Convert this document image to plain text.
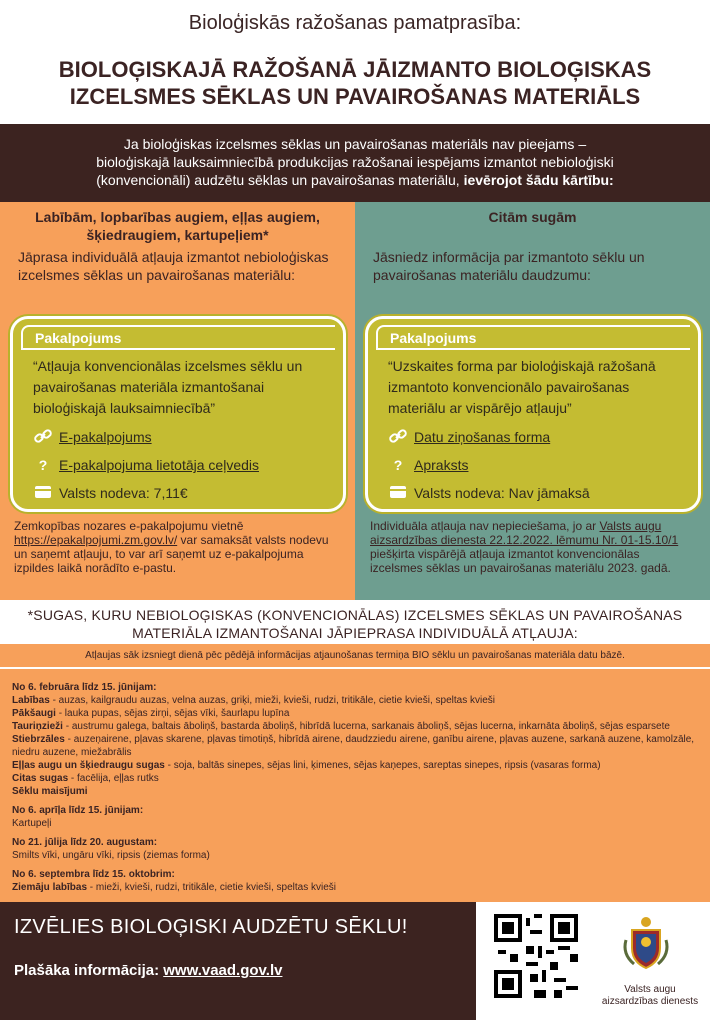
Bioloģiskās ražošanas pamatprasība:
BIOLOĢISKAJĀ RAŽOŠANĀ JĀIZMANTO BIOLOĢISKAS
IZCELSMES SĒKLAS UN PAVAIROŠANAS MATERIĀLS
Ja bioloģiskas izcelsmes sēklas un pavairošanas materiāls nav pieejams –
bioloģiskajā lauksaimniecībā produkcijas ražošanai iespējams izmantot nebioloģiski
(konvencionāli) audzētu sēklas un pavairošanas materiālu, ievērojot šādu kārtību:
Labībām, lopbarības augiem, eļļas augiem,
šķiedraugiem, kartupeļiem*
Jāprasa individuālā atļauja izmantot nebioloģiskas izcelsmes sēklas un pavairošanas materiālu:
Citām sugām
Jāsniedz informācija par izmantoto sēklu un pavairošanas materiālu daudzumu:
Pakalpojums
“Atļauja konvencionālas izcelsmes sēklu un pavairošanas materiāla izmantošanai bioloģiskajā lauksaimniecībā”
E-pakalpojums
? E-pakalpojuma lietotāja ceļvedis
Valsts nodeva: 7,11€
Pakalpojums
“Uzskaites forma par bioloģiskajā ražošanā izmantoto konvencionālo pavairošanas materiālu ar vispārējo atļauju”
Datu ziņošanas forma
? Apraksts
Valsts nodeva: Nav jāmaksā
Zemkopības nozares e-pakalpojumu vietnē https://epakalpojumi.zm.gov.lv/ var samaksāt valsts nodevu un saņemt atļauju, to var arī saņemt uz e-pakalpojuma izpildes laikā norādīto e-pastu.
Individuāla atļauja nav nepieciešama, jo ar Valsts augu aizsardzības dienesta 22.12.2022. lēmumu Nr. 01-15.10/1 piešķirta vispārējā atļauja izmantot konvencionālas izcelsmes sēklas un pavairošanas materiālu 2023. gadā.
*SUGAS, KURU NEBIOLOĢISKAS (KONVENCIONĀLAS) IZCELSMES SĒKLAS UN PAVAIROŠANAS
MATERIĀLA IZMANTOŠANAI JĀPIEPRASA INDIVIDUĀLĀ ATĻAUJA:
Atļaujas sāk izsniegt dienā pēc pēdējā informācijas atjaunošanas termiņa BIO sēklu un pavairošanas materiāla datu bāzē.
No 6. februāra līdz 15. jūnijam:
Labības - auzas, kailgraudu auzas, velna auzas, griķi, mieži, kvieši, rudzi, tritikāle, cietie kvieši, speltas kvieši
Pākšaugi - lauka pupas, sējas zirņi, sējas vīki, šaurlapu lupīna
Tauriņzieži - austrumu galega, baltais āboliņš, bastarda āboliņš, hibrīdā lucerna, sarkanais āboliņš, sējas lucerna, inkarnāta āboliņš, sējas esparsete
Stiebrzāles - auzeņairene, pļavas skarene, pļavas timotiņš, hibrīdā airene, daudzziedu airene, ganību airene, pļavas auzene, sarkanā auzene, kamolzāle, niedru auzene, miežabrālis
Eļļas augu un šķiedraugu sugas - soja, baltās sinepes, sējas lini, ķimenes, sējas kaņepes, sareptas sinepes, ripsis (vasaras forma)
Citas sugas - facēlija, eļļas rutks
Sēklu maisījumi
No 6. aprīļa līdz 15. jūnijam:
Kartupeļi
No 21. jūlija līdz 20. augustam:
Smilts vīki, ungāru vīki, ripsis (ziemas forma)
No 6. septembra līdz 15. oktobrim:
Ziemāju labības - mieži, kvieši, rudzi, tritikāle, cietie kvieši, speltas kvieši
IZVĒLIES BIOLOĢISKI AUDZĒTU SĒKLU!
Plašāka informācija: www.vaad.gov.lv
Valsts augu aizsardzības dienests
